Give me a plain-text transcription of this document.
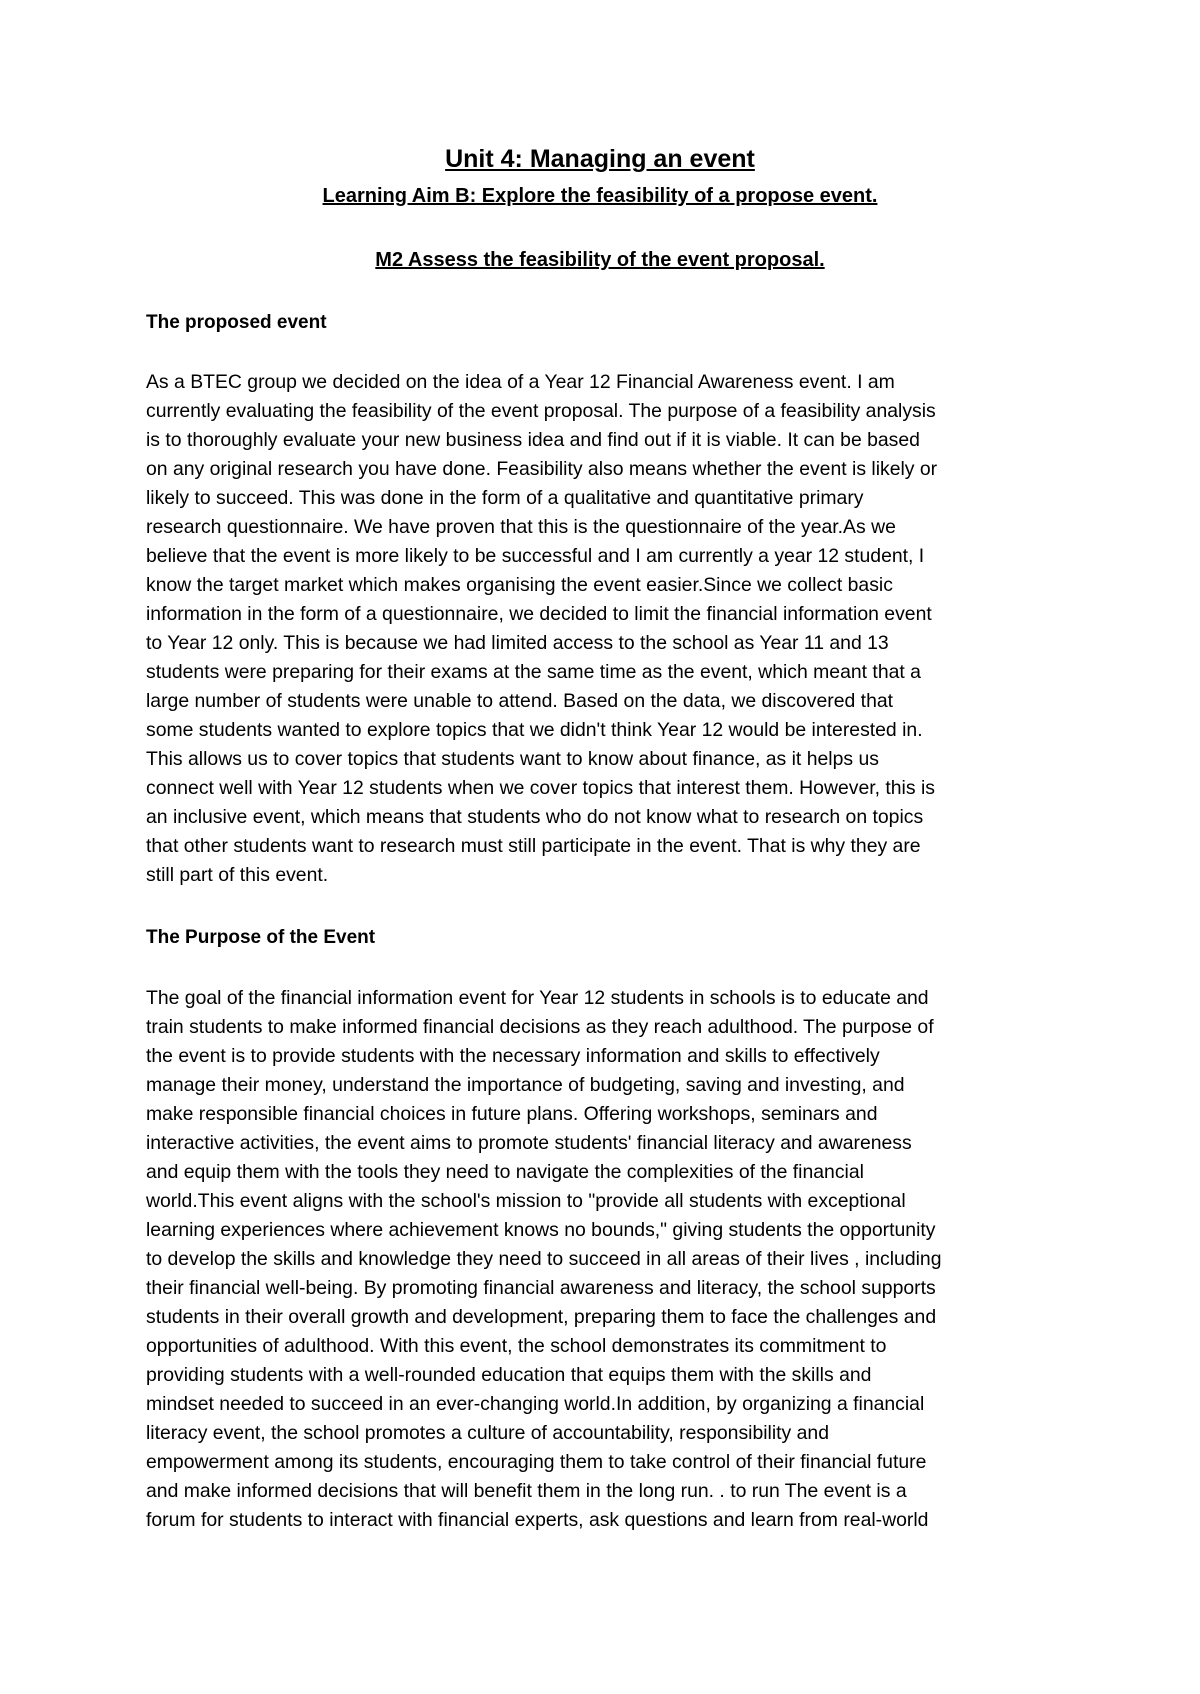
Unit 4: Managing an event
Learning Aim B: Explore the feasibility of a propose event.
M2 Assess the feasibility of the event proposal.
The proposed event
As a BTEC group we decided on the idea of a Year 12 Financial Awareness event. I am
currently evaluating the feasibility of the event proposal. The purpose of a feasibility analysis
is to thoroughly evaluate your new business idea and find out if it is viable. It can be based
on any original research you have done. Feasibility also means whether the event is likely or
likely to succeed. This was done in the form of a qualitative and quantitative primary
research questionnaire. We have proven that this is the questionnaire of the year.As we
believe that the event is more likely to be successful and I am currently a year 12 student, I
know the target market which makes organising the event easier.Since we collect basic
information in the form of a questionnaire, we decided to limit the financial information event
to Year 12 only. This is because we had limited access to the school as Year 11 and 13
students were preparing for their exams at the same time as the event, which meant that a
large number of students were unable to attend. Based on the data, we discovered that
some students wanted to explore topics that we didn't think Year 12 would be interested in.
This allows us to cover topics that students want to know about finance, as it helps us
connect well with Year 12 students when we cover topics that interest them. However, this is
an inclusive event, which means that students who do not know what to research on topics
that other students want to research must still participate in the event. That is why they are
still part of this event.
The Purpose of the Event
The goal of the financial information event for Year 12 students in schools is to educate and
train students to make informed financial decisions as they reach adulthood. The purpose of
the event is to provide students with the necessary information and skills to effectively
manage their money, understand the importance of budgeting, saving and investing, and
make responsible financial choices in future plans. Offering workshops, seminars and
interactive activities, the event aims to promote students' financial literacy and awareness
and equip them with the tools they need to navigate the complexities of the financial
world.This event aligns with the school's mission to "provide all students with exceptional
learning experiences where achievement knows no bounds," giving students the opportunity
to develop the skills and knowledge they need to succeed in all areas of their lives , including
their financial well-being. By promoting financial awareness and literacy, the school supports
students in their overall growth and development, preparing them to face the challenges and
opportunities of adulthood. With this event, the school demonstrates its commitment to
providing students with a well-rounded education that equips them with the skills and
mindset needed to succeed in an ever-changing world.In addition, by organizing a financial
literacy event, the school promotes a culture of accountability, responsibility and
empowerment among its students, encouraging them to take control of their financial future
and make informed decisions that will benefit them in the long run. . to run The event is a
forum for students to interact with financial experts, ask questions and learn from real-world
